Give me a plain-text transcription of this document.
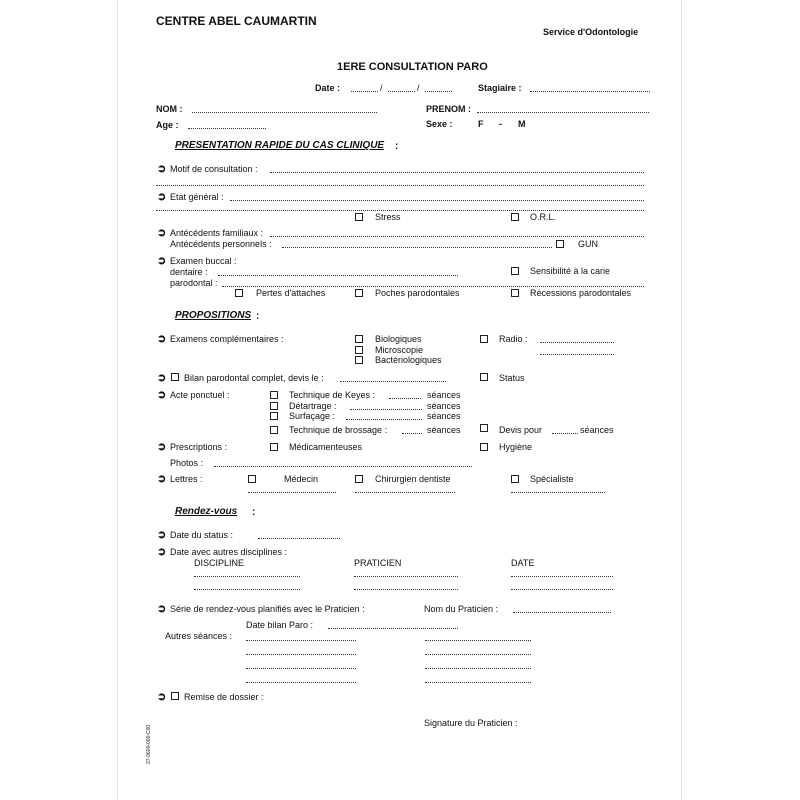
CENTRE ABEL CAUMARTIN
Service d'Odontologie
1ERE CONSULTATION PARO
Date :	/	/	Stagiaire :
NOM :	PRENOM :
Age :	Sexe :	F - M
PRESENTATION RAPIDE DU CAS CLINIQUE :
➲ Motif de consultation :
➲ Etat général :
Stress	O.R.L.
➲ Antécédents familiaux :
Antécédents personnels :	GUN
➲ Examen buccal :
dentaire :	Sensibilité à la carie
parodontal :
Pertes d'attaches	Poches parodontales	Récessions parodontales
PROPOSITIONS :
➲ Examens complémentaires :	Biologiques
Microscopie
Bactériologiques
Radio :
➲ Bilan parodontal complet, devis le :	Status
➲ Acte ponctuel :	Technique de Keyes :	séances
Détartrage :	séances
Surfaçage :	séances
Technique de brossage :	séances	Devis pour	séances
➲ Prescriptions :	Médicamenteuses	Hygiène
Photos :
➲ Lettres :	Médecin	Chirurgien dentiste	Spécialiste
Rendez-vous :
➲ Date du status :
➲ Date avec autres disciplines :
DISCIPLINE	PRATICIEN	DATE
➲ Série de rendez-vous planifiés avec le Praticien :	Nom du Praticien :
Date bilan Paro :
Autres séances :
➲ Remise de dossier :
Signature du Praticien :
27-0600-000-C00
